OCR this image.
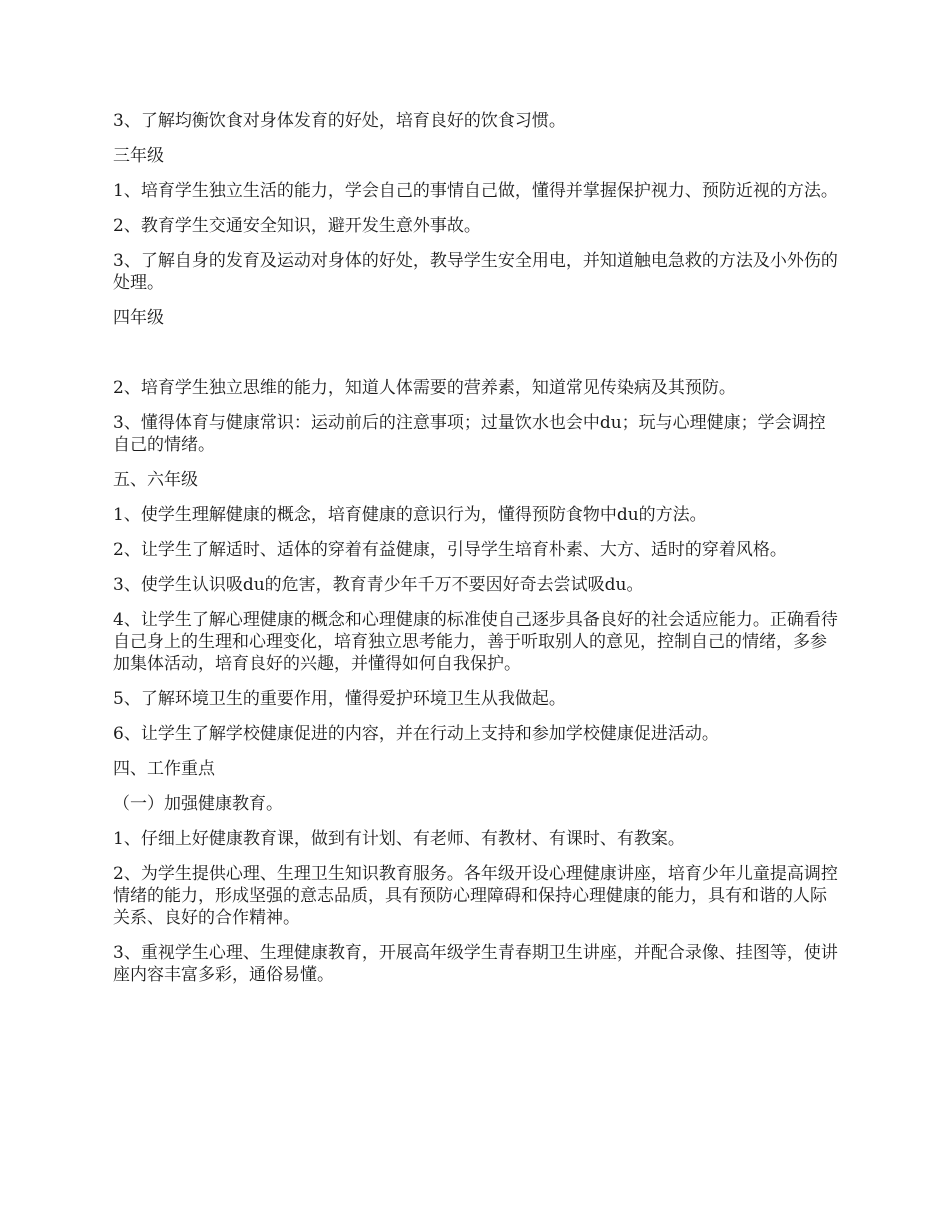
3、了解均衡饮食对身体发育的好处，培育良好的饮食习惯。

三年级

1、培育学生独立生活的能力，学会自己的事情自己做，懂得并掌握保护视力、预防近视的方法。

2、教育学生交通安全知识，避开发生意外事故。

3、了解自身的发育及运动对身体的好处，教导学生安全用电，并知道触电急救的方法及小外伤的处理。

四年级

2、培育学生独立思维的能力，知道人体需要的营养素，知道常见传染病及其预防。

3、懂得体育与健康常识：运动前后的注意事项；过量饮水也会中du；玩与心理健康；学会调控自己的情绪。

五、六年级

1、使学生理解健康的概念，培育健康的意识行为，懂得预防食物中du的方法。

2、让学生了解适时、适体的穿着有益健康，引导学生培育朴素、大方、适时的穿着风格。

3、使学生认识吸du的危害，教育青少年千万不要因好奇去尝试吸du。

4、让学生了解心理健康的概念和心理健康的标准使自己逐步具备良好的社会适应能力。正确看待自己身上的生理和心理变化，培育独立思考能力，善于听取别人的意见，控制自己的情绪，多参加集体活动，培育良好的兴趣，并懂得如何自我保护。

5、了解环境卫生的重要作用，懂得爱护环境卫生从我做起。

6、让学生了解学校健康促进的内容，并在行动上支持和参加学校健康促进活动。

四、工作重点

（一）加强健康教育。

1、仔细上好健康教育课，做到有计划、有老师、有教材、有课时、有教案。

2、为学生提供心理、生理卫生知识教育服务。各年级开设心理健康讲座，培育少年儿童提高调控情绪的能力，形成坚强的意志品质，具有预防心理障碍和保持心理健康的能力，具有和谐的人际关系、良好的合作精神。

3、重视学生心理、生理健康教育，开展高年级学生青春期卫生讲座，并配合录像、挂图等，使讲座内容丰富多彩，通俗易懂。
